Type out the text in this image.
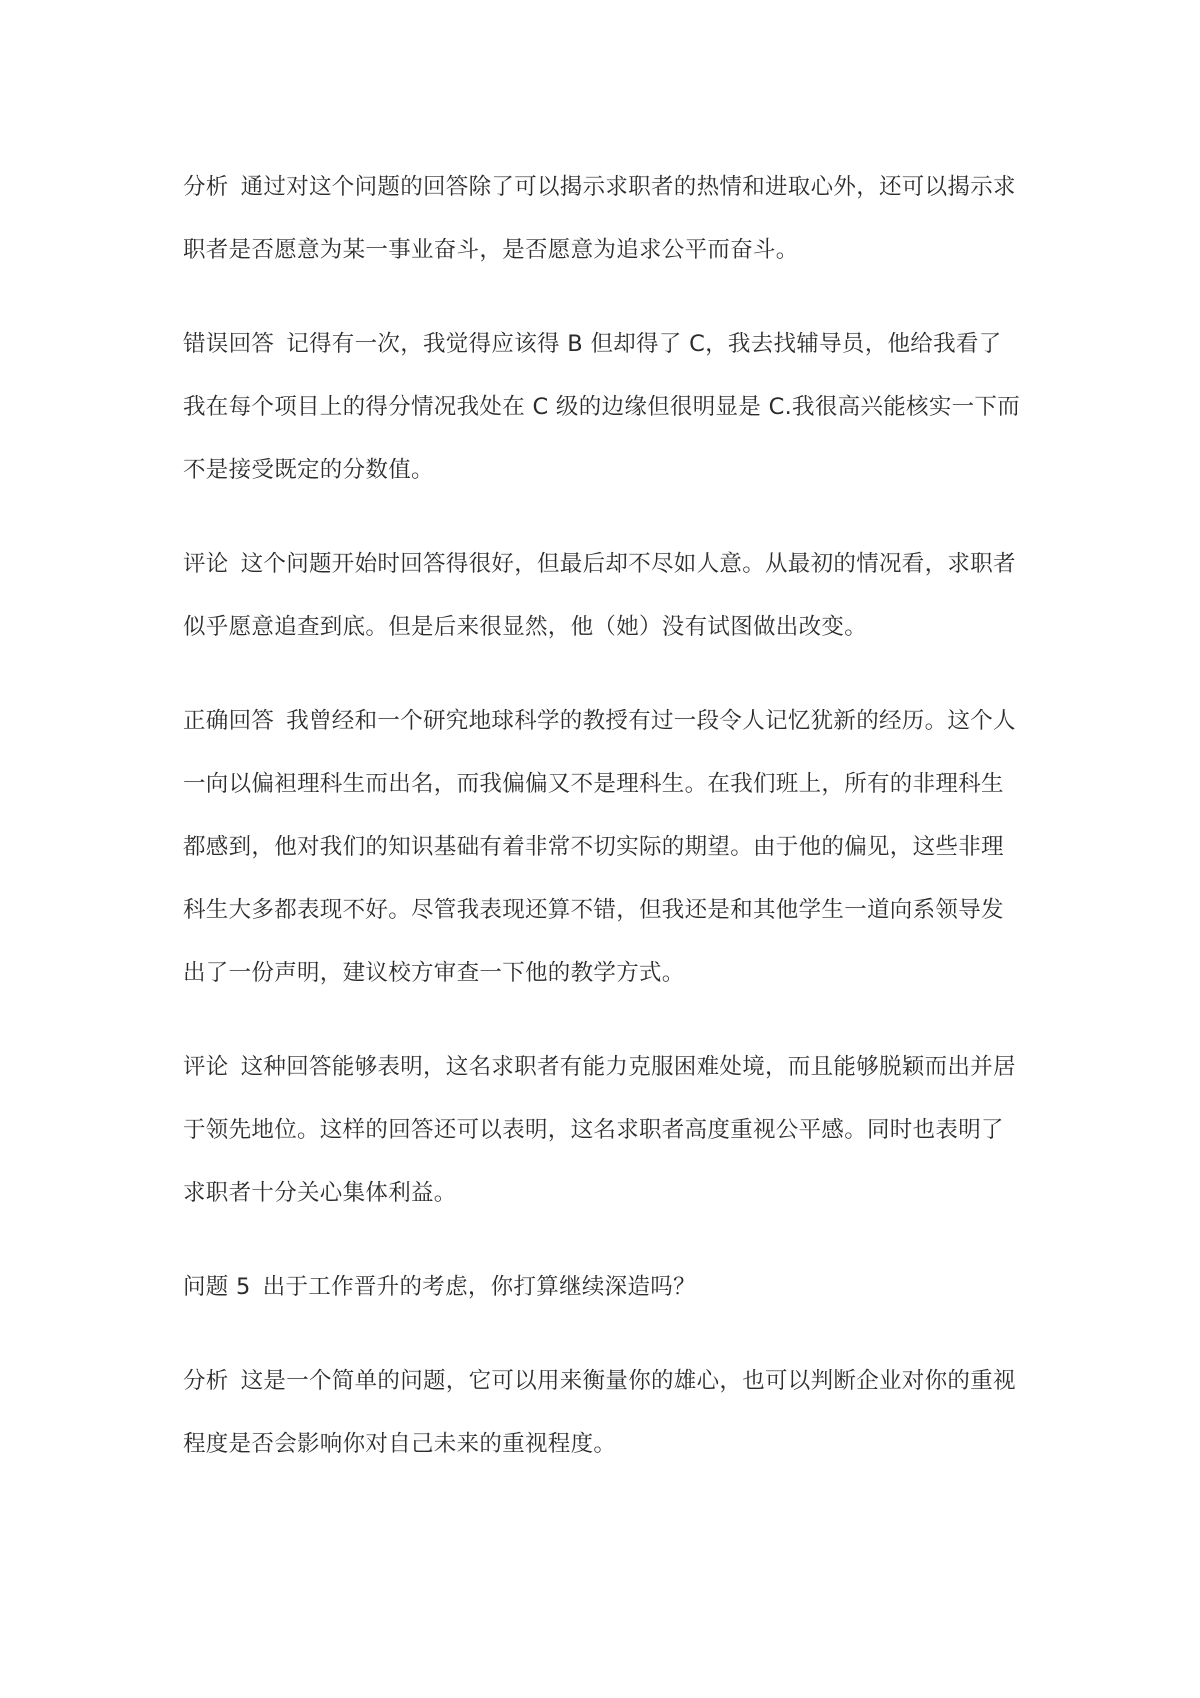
分析 通过对这个问题的回答除了可以揭示求职者的热情和进取心外，还可以揭示求职者是否愿意为某一事业奋斗，是否愿意为追求公平而奋斗。

错误回答 记得有一次，我觉得应该得 B 但却得了 C，我去找辅导员，他给我看了我在每个项目上的得分情况我处在 C 级的边缘但很明显是 C.我很高兴能核实一下而不是接受既定的分数值。

评论 这个问题开始时回答得很好，但最后却不尽如人意。从最初的情况看，求职者似乎愿意追查到底。但是后来很显然，他（她）没有试图做出改变。

正确回答 我曾经和一个研究地球科学的教授有过一段令人记忆犹新的经历。这个人一向以偏袒理科生而出名，而我偏偏又不是理科生。在我们班上，所有的非理科生都感到，他对我们的知识基础有着非常不切实际的期望。由于他的偏见，这些非理科生大多都表现不好。尽管我表现还算不错，但我还是和其他学生一道向系领导发出了一份声明，建议校方审查一下他的教学方式。

评论 这种回答能够表明，这名求职者有能力克服困难处境，而且能够脱颖而出并居于领先地位。这样的回答还可以表明，这名求职者高度重视公平感。同时也表明了求职者十分关心集体利益。

问题 5 出于工作晋升的考虑，你打算继续深造吗？

分析 这是一个简单的问题，它可以用来衡量你的雄心，也可以判断企业对你的重视程度是否会影响你对自己未来的重视程度。
